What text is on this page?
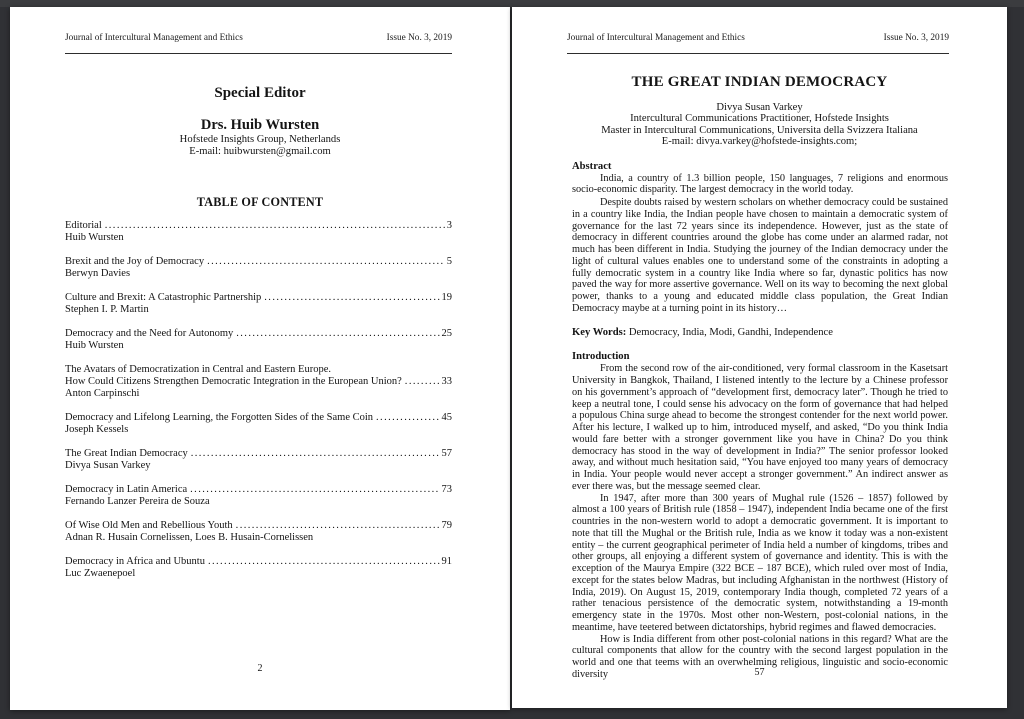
Journal of Intercultural Management and Ethics	Issue No. 3, 2019
Special Editor
Drs. Huib Wursten
Hofstede Insights Group, Netherlands
E-mail: huibwursten@gmail.com
TABLE OF CONTENT
Editorial .....	3
Huib Wursten
Brexit and the Joy of Democracy .....	5
Berwyn Davies
Culture and Brexit: A Catastrophic Partnership .....	19
Stephen I. P. Martin
Democracy and the Need for Autonomy .....	25
Huib Wursten
The Avatars of Democratization in Central and Eastern Europe.
How Could Citizens Strengthen Democratic Integration in the European Union? .....	33
Anton Carpinschi
Democracy and Lifelong Learning, the Forgotten Sides of the Same Coin .....	45
Joseph Kessels
The Great Indian Democracy .....	57
Divya Susan Varkey
Democracy in Latin America .....	73
Fernando Lanzer Pereira de Souza
Of Wise Old Men and Rebellious Youth .....	79
Adnan R. Husain Cornelissen, Loes B. Husain-Cornelissen
Democracy in Africa and Ubuntu .....	91
Luc Zwaenepoel
2
Journal of Intercultural Management and Ethics	Issue No. 3, 2019
THE GREAT INDIAN DEMOCRACY
Divya Susan Varkey
Intercultural Communications Practitioner, Hofstede Insights
Master in Intercultural Communications, Universita della Svizzera Italiana
E-mail: divya.varkey@hofstede-insights.com;
Abstract
India, a country of 1.3 billion people, 150 languages, 7 religions and enormous socio-economic disparity. The largest democracy in the world today.
Despite doubts raised by western scholars on whether democracy could be sustained in a country like India, the Indian people have chosen to maintain a democratic system of governance for the last 72 years since its independence. However, just as the state of democracy in different countries around the globe has come under an alarmed radar, not much has been different in India. Studying the journey of the Indian democracy under the light of cultural values enables one to understand some of the constraints in adopting a fully democratic system in a country like India where so far, dynastic politics has now paved the way for more assertive governance. Well on its way to becoming the next global power, thanks to a young and educated middle class population, the Great Indian Democracy maybe at a turning point in its history…
Key Words: Democracy, India, Modi, Gandhi, Independence
Introduction
From the second row of the air-conditioned, very formal classroom in the Kasetsart University in Bangkok, Thailand, I listened intently to the lecture by a Chinese professor on his government’s approach of “development first, democracy later”. Though he tried to keep a neutral tone, I could sense his advocacy on the form of governance that had helped a populous China surge ahead to become the strongest contender for the next world power. After his lecture, I walked up to him, introduced myself, and asked, “Do you think India would fare better with a stronger government like you have in China? Do you think democracy has stood in the way of development in India?” The senior professor looked away, and without much hesitation said, “You have enjoyed too many years of democracy in India. Your people would never accept a stronger government.” An indirect answer as ever there was, but the message seemed clear.
In 1947, after more than 300 years of Mughal rule (1526 – 1857) followed by almost a 100 years of British rule (1858 – 1947), independent India became one of the first countries in the non-western world to adopt a democratic government. It is important to note that till the Mughal or the British rule, India as we know it today was a non-existent entity – the current geographical perimeter of India held a number of kingdoms, tribes and other groups, all enjoying a different system of governance and identity. This is with the exception of the Maurya Empire (322 BCE – 187 BCE), which ruled over most of India, except for the states below Madras, but including Afghanistan in the northwest (History of India, 2019). On August 15, 2019, contemporary India though, completed 72 years of a rather tenacious persistence of the democratic system, notwithstanding a 19-month emergency state in the 1970s. Most other non-Western, post-colonial nations, in the meantime, have teetered between dictatorships, hybrid regimes and flawed democracies.
How is India different from other post-colonial nations in this regard? What are the cultural components that allow for the country with the second largest population in the world and one that teems with an overwhelming religious, linguistic and socio-economic diversity	57
